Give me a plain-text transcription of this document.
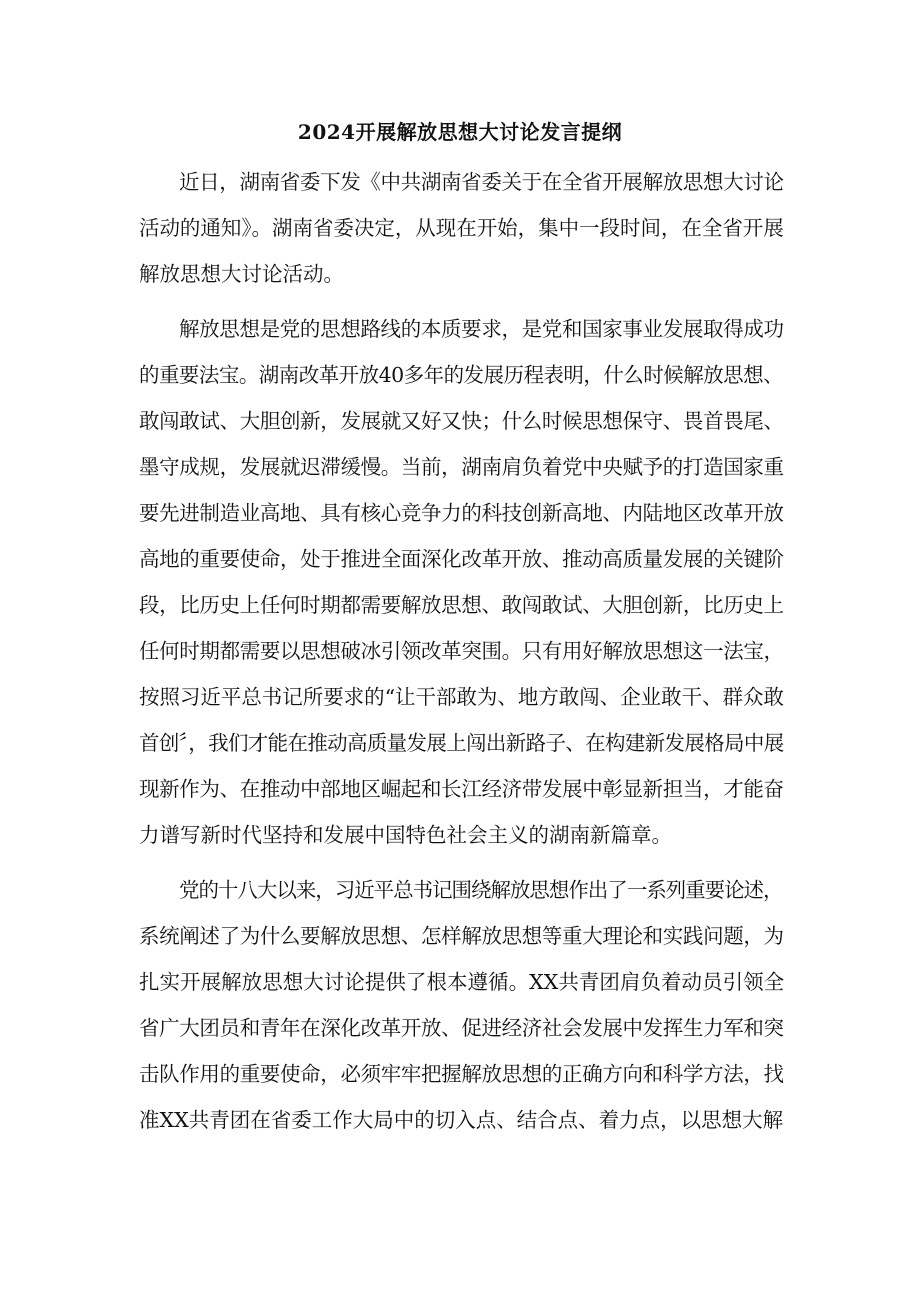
2024开展解放思想大讨论发言提纲
近日，湖南省委下发《中共湖南省委关于在全省开展解放思想大讨论
活动的通知》。湖南省委决定，从现在开始，集中一段时间，在全省开展
解放思想大讨论活动。
解放思想是党的思想路线的本质要求，是党和国家事业发展取得成功
的重要法宝。湖南改革开放40多年的发展历程表明，什么时候解放思想、
敢闯敢试、大胆创新，发展就又好又快；什么时候思想保守、畏首畏尾、
墨守成规，发展就迟滞缓慢。当前，湖南肩负着党中央赋予的打造国家重
要先进制造业高地、具有核心竞争力的科技创新高地、内陆地区改革开放
高地的重要使命，处于推进全面深化改革开放、推动高质量发展的关键阶
段，比历史上任何时期都需要解放思想、敢闯敢试、大胆创新，比历史上
任何时期都需要以思想破冰引领改革突围。只有用好解放思想这一法宝，
按照习近平总书记所要求的“让干部敢为、地方敢闯、企业敢干、群众敢
首创〞，我们才能在推动高质量发展上闯出新路子、在构建新发展格局中展
现新作为、在推动中部地区崛起和长江经济带发展中彰显新担当，才能奋
力谱写新时代坚持和发展中国特色社会主义的湖南新篇章。
党的十八大以来，习近平总书记围绕解放思想作出了一系列重要论述，
系统阐述了为什么要解放思想、怎样解放思想等重大理论和实践问题，为
扎实开展解放思想大讨论提供了根本遵循。XX共青团肩负着动员引领全
省广大团员和青年在深化改革开放、促进经济社会发展中发挥生力军和突
击队作用的重要使命，必须牢牢把握解放思想的正确方向和科学方法，找
准XX共青团在省委工作大局中的切入点、结合点、着力点，以思想大解
